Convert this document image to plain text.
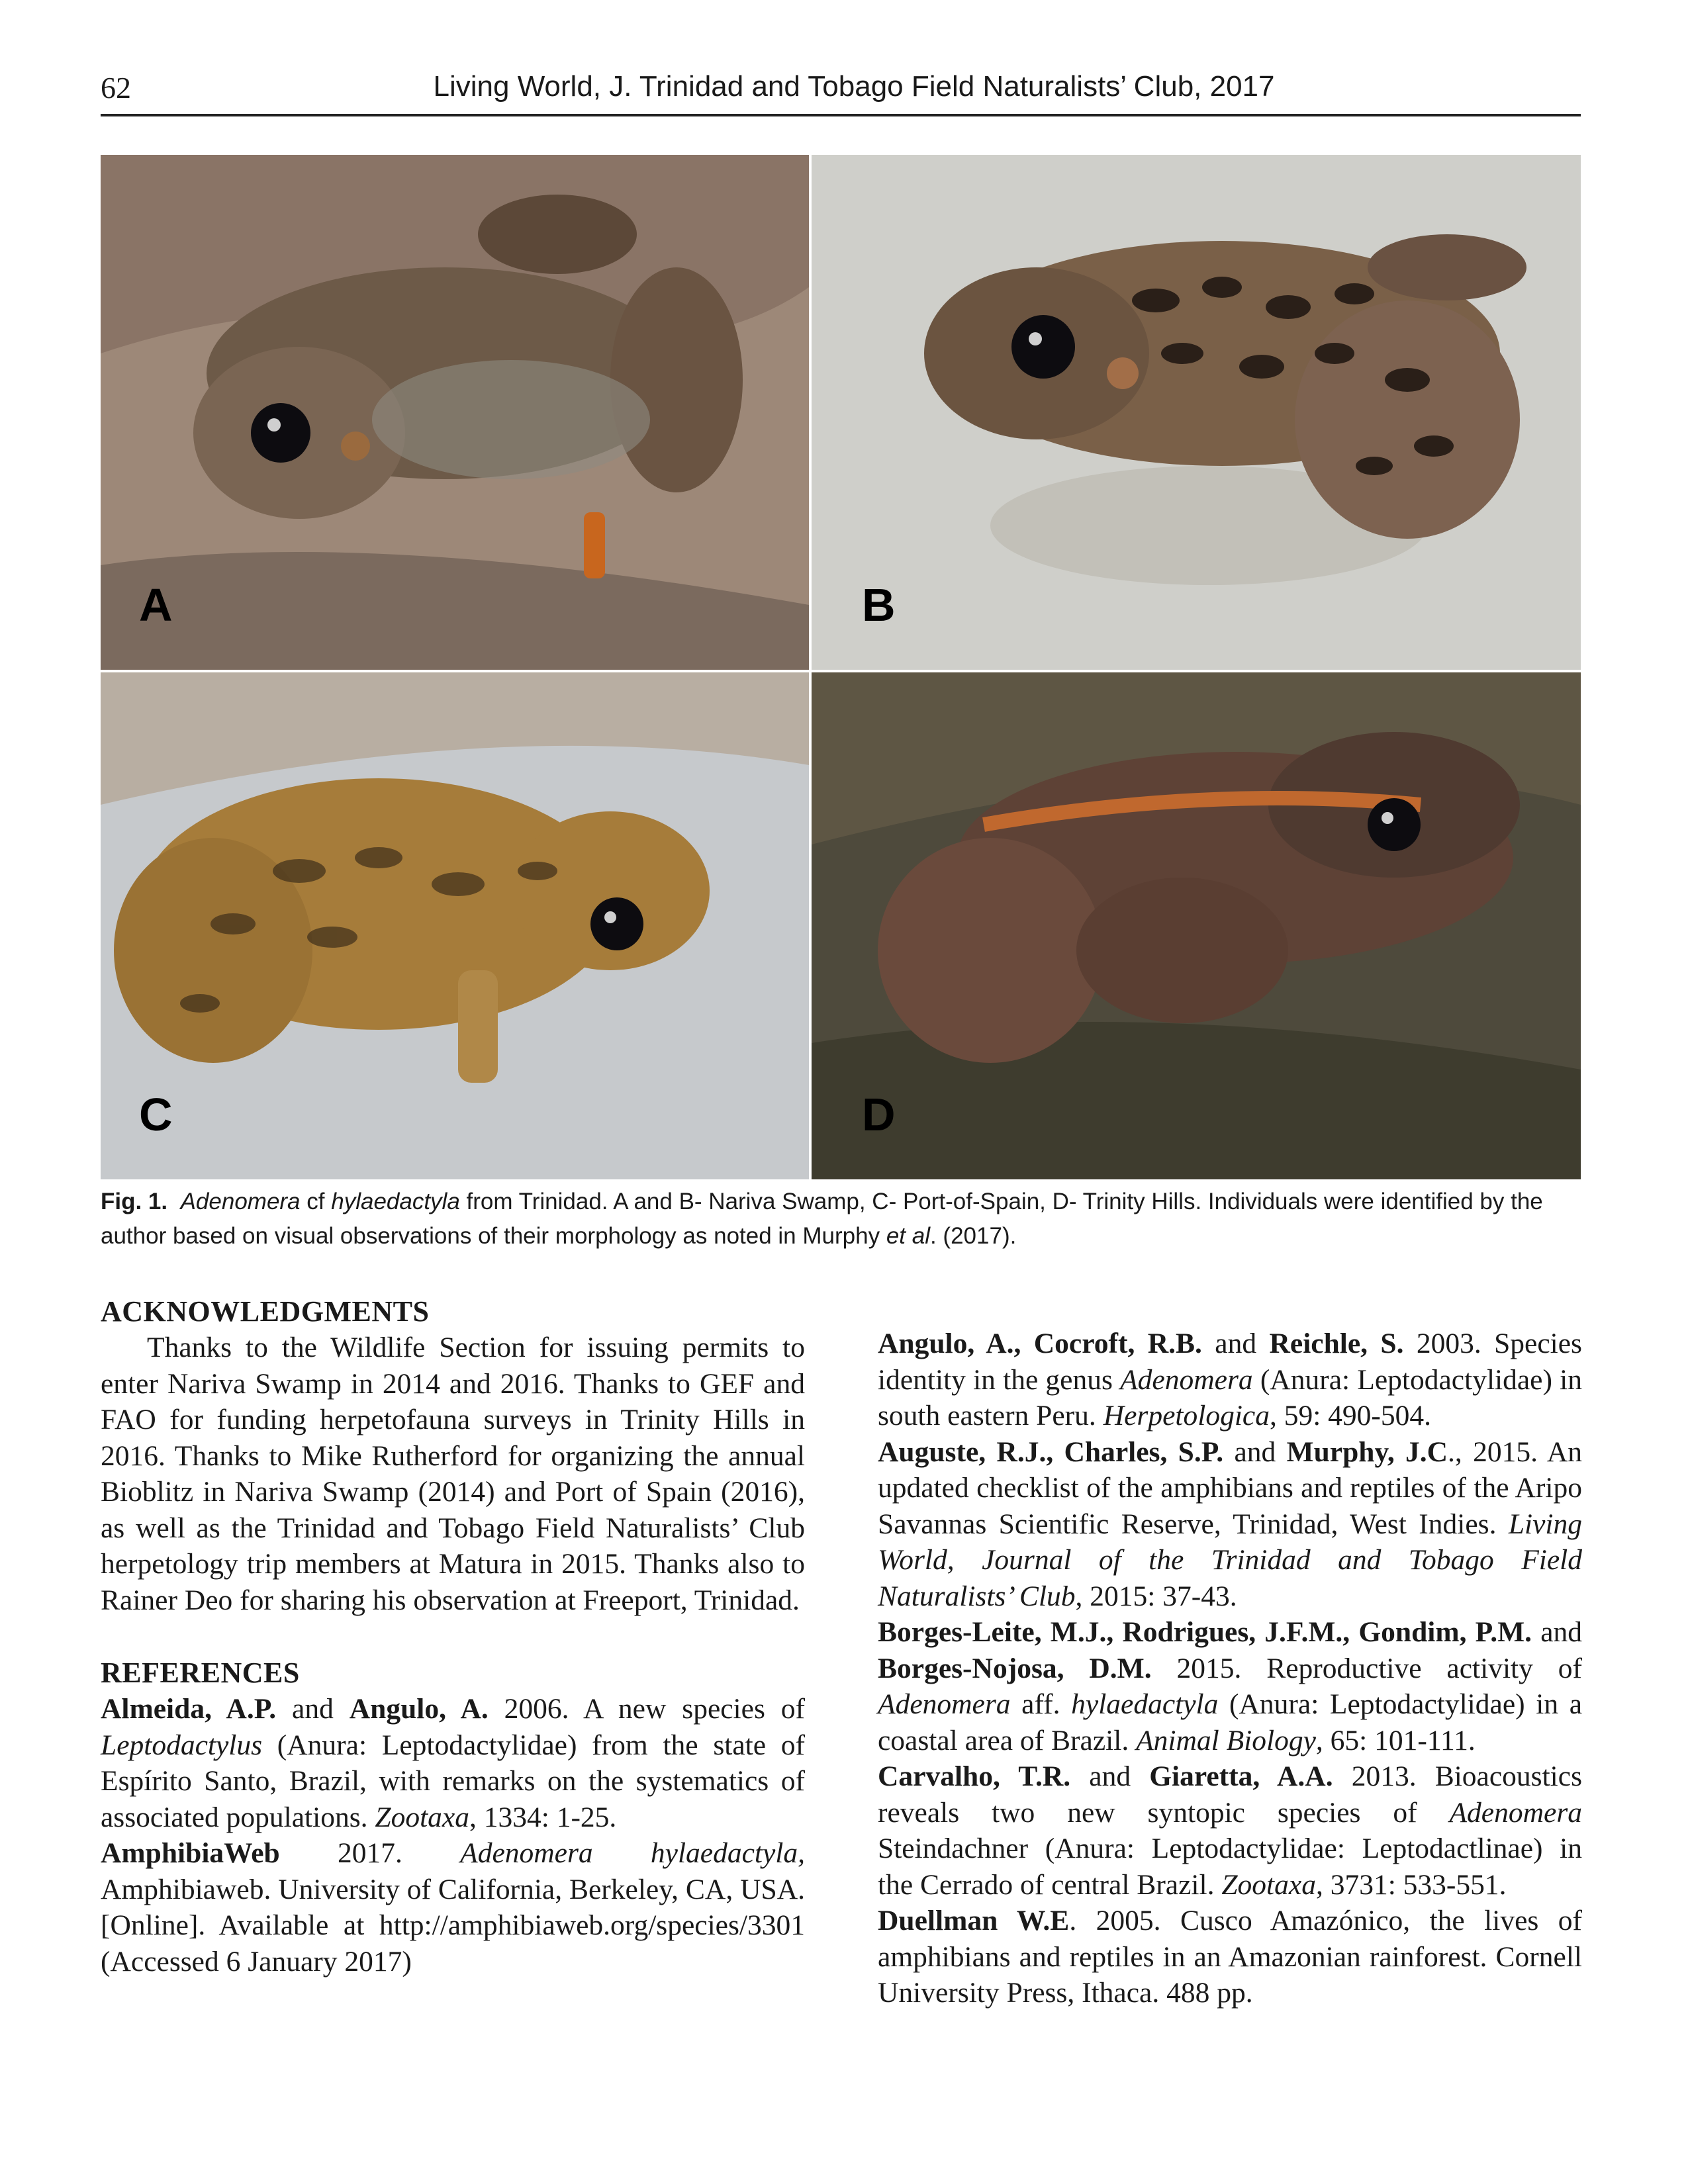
62	Living World, J. Trinidad and Tobago Field Naturalists’ Club, 2017
A	B
C	D
Fig. 1. Adenomera cf hylaedactyla from Trinidad. A and B- Nariva Swamp, C- Port-of-Spain, D- Trinity Hills. Individuals were identified by the author based on visual observations of their morphology as noted in Murphy et al. (2017).
ACKNOWLEDGMENTS

Thanks to the Wildlife Section for issuing permits to enter Nariva Swamp in 2014 and 2016. Thanks to GEF and FAO for funding herpetofauna surveys in Trinity Hills in 2016. Thanks to Mike Rutherford for organizing the annual Bioblitz in Nariva Swamp (2014) and Port of Spain (2016), as well as the Trinidad and Tobago Field Naturalists’ Club herpetology trip members at Matura in 2015. Thanks also to Rainer Deo for sharing his observation at Freeport, Trinidad.

REFERENCES

Almeida, A.P. and Angulo, A. 2006. A new species of Leptodactylus (Anura: Leptodactylidae) from the state of Espírito Santo, Brazil, with remarks on the systematics of associated populations. Zootaxa, 1334: 1-25.

AmphibiaWeb 2017. Adenomera hylaedactyla, Amphibiaweb. University of California, Berkeley, CA, USA. [Online]. Available at http://amphibiaweb.org/species/3301 (Accessed 6 January 2017)

Angulo, A., Cocroft, R.B. and Reichle, S. 2003. Species identity in the genus Adenomera (Anura: Leptodactylidae) in south eastern Peru. Herpetologica, 59: 490-504.

Auguste, R.J., Charles, S.P. and Murphy, J.C., 2015. An updated checklist of the amphibians and reptiles of the Aripo Savannas Scientific Reserve, Trinidad, West Indies. Living World, Journal of the Trinidad and Tobago Field Naturalists’ Club, 2015: 37-43.

Borges-Leite, M.J., Rodrigues, J.F.M., Gondim, P.M. and Borges-Nojosa, D.M. 2015. Reproductive activity of Adenomera aff. hylaedactyla (Anura: Leptodactylidae) in a coastal area of Brazil. Animal Biology, 65: 101-111.

Carvalho, T.R. and Giaretta, A.A. 2013. Bioacoustics reveals two new syntopic species of Adenomera Steindachner (Anura: Leptodactylidae: Leptodactlinae) in the Cerrado of central Brazil. Zootaxa, 3731: 533-551.

Duellman W.E. 2005. Cusco Amazónico, the lives of amphibians and reptiles in an Amazonian rainforest. Cornell University Press, Ithaca. 488 pp.
